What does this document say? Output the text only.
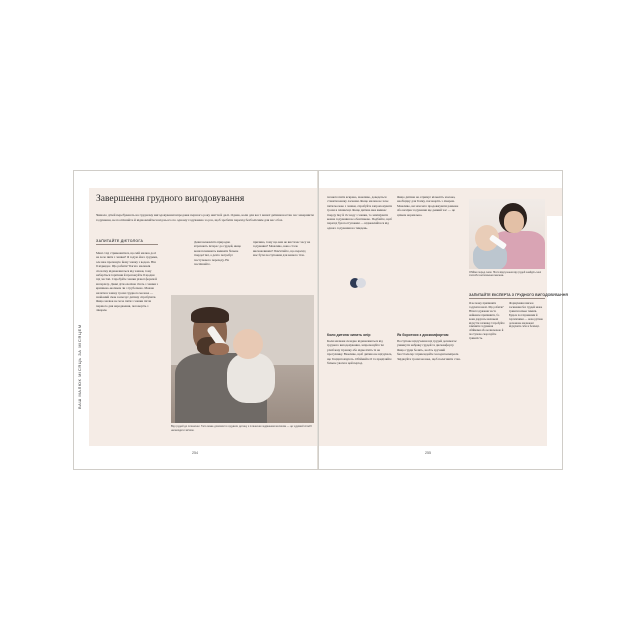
ВАШ МАЛЮК МІСЯЦЬ ЗА МІСЯЦЕМ
Завершення грудного вигодовування
Чимало дітей перебувають на грудному вигодовуванні впродовж першого року життя й далі. Однак, коли для вас і вашої дитини настав час завершити годування, не поспішайте й відмовляйтеся від нього по одному годуванню за раз, щоб зробити перехід безболісним для вас обох.
ЗАПИТАЙТЕ ДІЄТОЛОГА
Мені слід стривожитися, що мій малюк досі не хоче пити з чашки? Я годую його грудьми, але вже пропоную йому чашку з водою. Він її відкидає. Що робити? Багато малюків спочатку відмовляються від чашки, тому наберіться терпіння й пропонуйте її щодня під час їжі. Спробуйте чашки різної форми й матеріалу. Деякі діти охочіше п'ють з чашки з кришкою-носиком чи з трубочкою. Можна налити в чашку трохи грудного молока — знайомий смак заохочує дитину спробувати. Якщо малюк не хоче пити з чашки після першого дня народження, поговоріть з лікарем.
Деякі немовлята природно втрачають інтерес до грудей, якщо вони починають вживати більше твердої їжі, а дехто потребує поступового переходу. Не поспішайте.
причина, тому що вам не вистачає часу на годування? Можливо, воно стало виснажливим? Пам'ятайте, що перехід має бути поступовим для вашого тіла.
Від грудей до пляшечки. Тато може допомогти годувати дитину з пляшечки зцідженим молоком — це чудовий спосіб налагодити зв'язок.
254
почнете пити яскраво, можливо, доведеться ставити кашку ласками. Якщо малюк не хоче пити молоко з чашки, спробуйте запропонувати трохи в пляшечці. Якщо дитина вже вживає тверду їжу й п'є воду з чашки, то заміщувати кожне годування не обов'язково. Подбайте, щоб перехід був поступовим — відмовляйтеся від одного годування на тиждень.
Якщо дитина не отримує кількість молока, необхідну для її віку, поговоріть з лікарем. Можливо, ви захочете продовжувати ранкове або вечірнє годування ще деякий час — це цілком нормально.
Коли дитина чинить опір
Коли малюки складно відмовляються від грудного вигодовування, запропонуйте їм улюблену іграшку або відволічіть їх на прогулянку. Важливо, щоб дитина не відчувала, що її відштовхують. Обіймайте її та приділяйте більше уваги в цей період.
Як боротися з дискомфортом
Поступове відлучення від грудей допомагає уникнути набряку грудей та дискомфорту. Якщо груди болять, носіть зручний бюстгальтер і прикладайте холодні компреси. Зціджуйте трохи молока, щоб полегшити стан.
Обійми перед сном. Після відлучення від грудей знайдіть інші способи заспокоєння малюка.
ЗАПИТАЙТЕ ЕКСПЕРТА З ГРУДНОГО ВИГОДОВУВАННЯ
Я не можу припинити годувати вночі. Що робити? Нічні годування часто найважче припинити, бо вони дарують малюкові відчуття затишку. Спробуйте замінити годування обіймами або колисковою й поступово скорочуйте тривалість.
Формування звичок засинання без грудей може тривати кілька тижнів. Будьте послідовними й терплячими — нова рутина допоможе малюкові відчувати себе в безпеці.
255
